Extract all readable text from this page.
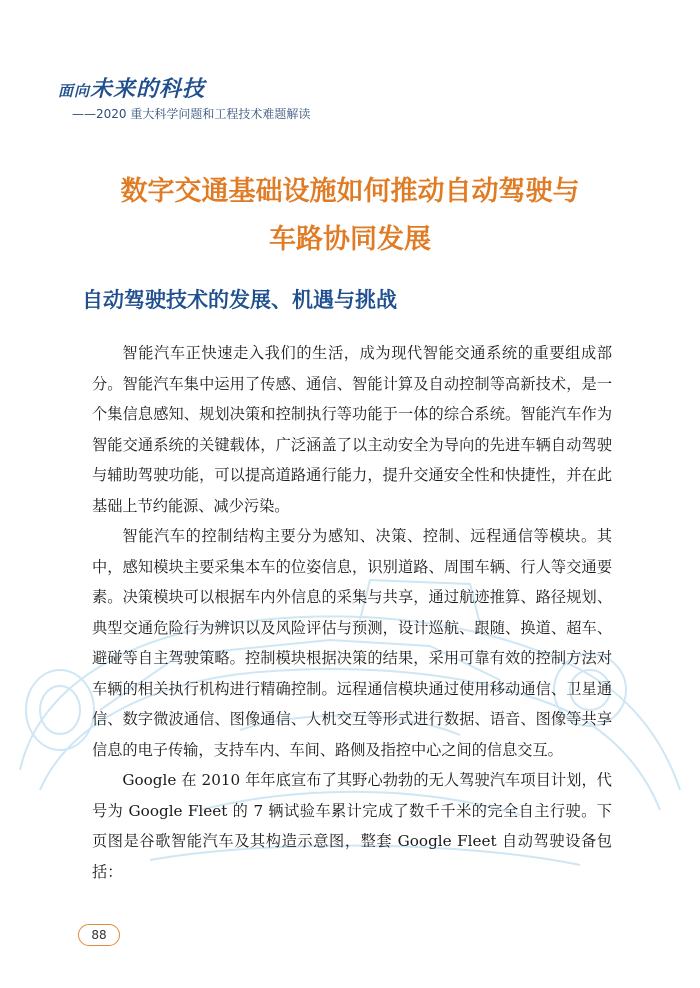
面向未来的科技
——2020 重大科学问题和工程技术难题解读
数字交通基础设施如何推动自动驾驶与
车路协同发展
自动驾驶技术的发展、机遇与挑战

智能汽车正快速走入我们的生活，成为现代智能交通系统的重要组成部分。智能汽车集中运用了传感、通信、智能计算及自动控制等高新技术，是一个集信息感知、规划决策和控制执行等功能于一体的综合系统。智能汽车作为智能交通系统的关键载体，广泛涵盖了以主动安全为导向的先进车辆自动驾驶与辅助驾驶功能，可以提高道路通行能力，提升交通安全性和快捷性，并在此基础上节约能源、减少污染。

智能汽车的控制结构主要分为感知、决策、控制、远程通信等模块。其中，感知模块主要采集本车的位姿信息，识别道路、周围车辆、行人等交通要素。决策模块可以根据车内外信息的采集与共享，通过航迹推算、路径规划、典型交通危险行为辨识以及风险评估与预测，设计巡航、跟随、换道、超车、避碰等自主驾驶策略。控制模块根据决策的结果，采用可靠有效的控制方法对车辆的相关执行机构进行精确控制。远程通信模块通过使用移动通信、卫星通信、数字微波通信、图像通信、人机交互等形式进行数据、语音、图像等共享信息的电子传输，支持车内、车间、路侧及指控中心之间的信息交互。

Google 在 2010 年年底宣布了其野心勃勃的无人驾驶汽车项目计划，代号为 Google Fleet 的 7 辆试验车累计完成了数千千米的完全自主行驶。下页图是谷歌智能汽车及其构造示意图，整套 Google Fleet 自动驾驶设备包括：

88
